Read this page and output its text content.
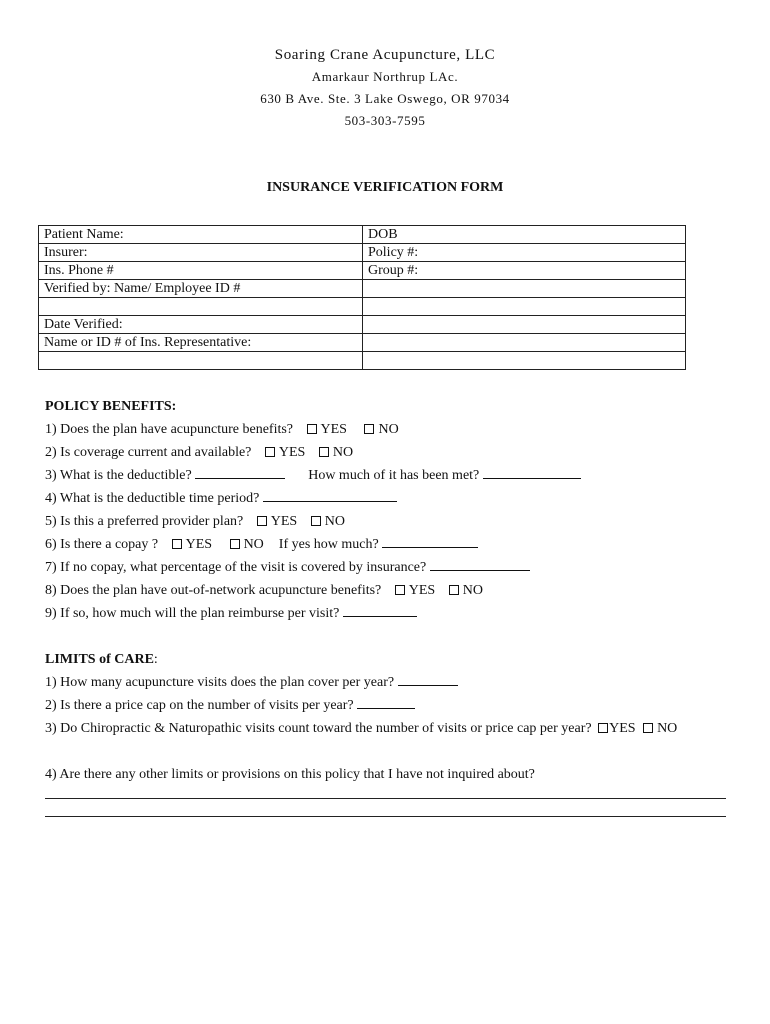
Soaring Crane Acupuncture, LLC
Amarkaur Northrup LAc.
630 B Ave. Ste. 3 Lake Oswego, OR 97034
503-303-7595
INSURANCE VERIFICATION FORM
Patient Name:	DOB
Insurer:	Policy #:
Ins. Phone #	Group #:
Verified by: Name/ Employee ID #	

Date Verified:	
Name or ID # of Ins. Representative:	

POLICY BENEFITS:
1) Does the plan have acupuncture benefits? YES NO
2) Is coverage current and available? YES NO
3) What is the deductible?	How much of it has been met?
4) What is the deductible time period?
5) Is this a preferred provider plan? YES NO
6) Is there a copay ? YES NO If yes how much?
7) If no copay, what percentage of the visit is covered by insurance?
8) Does the plan have out-of-network acupuncture benefits? YES NO
9) If so, how much will the plan reimburse per visit?
LIMITS of CARE:
1) How many acupuncture visits does the plan cover per year?
2) Is there a price cap on the number of visits per year?
3) Do Chiropractic & Naturopathic visits count toward the number of visits or price cap per year? YES NO
4) Are there any other limits or provisions on this policy that I have not inquired about?
